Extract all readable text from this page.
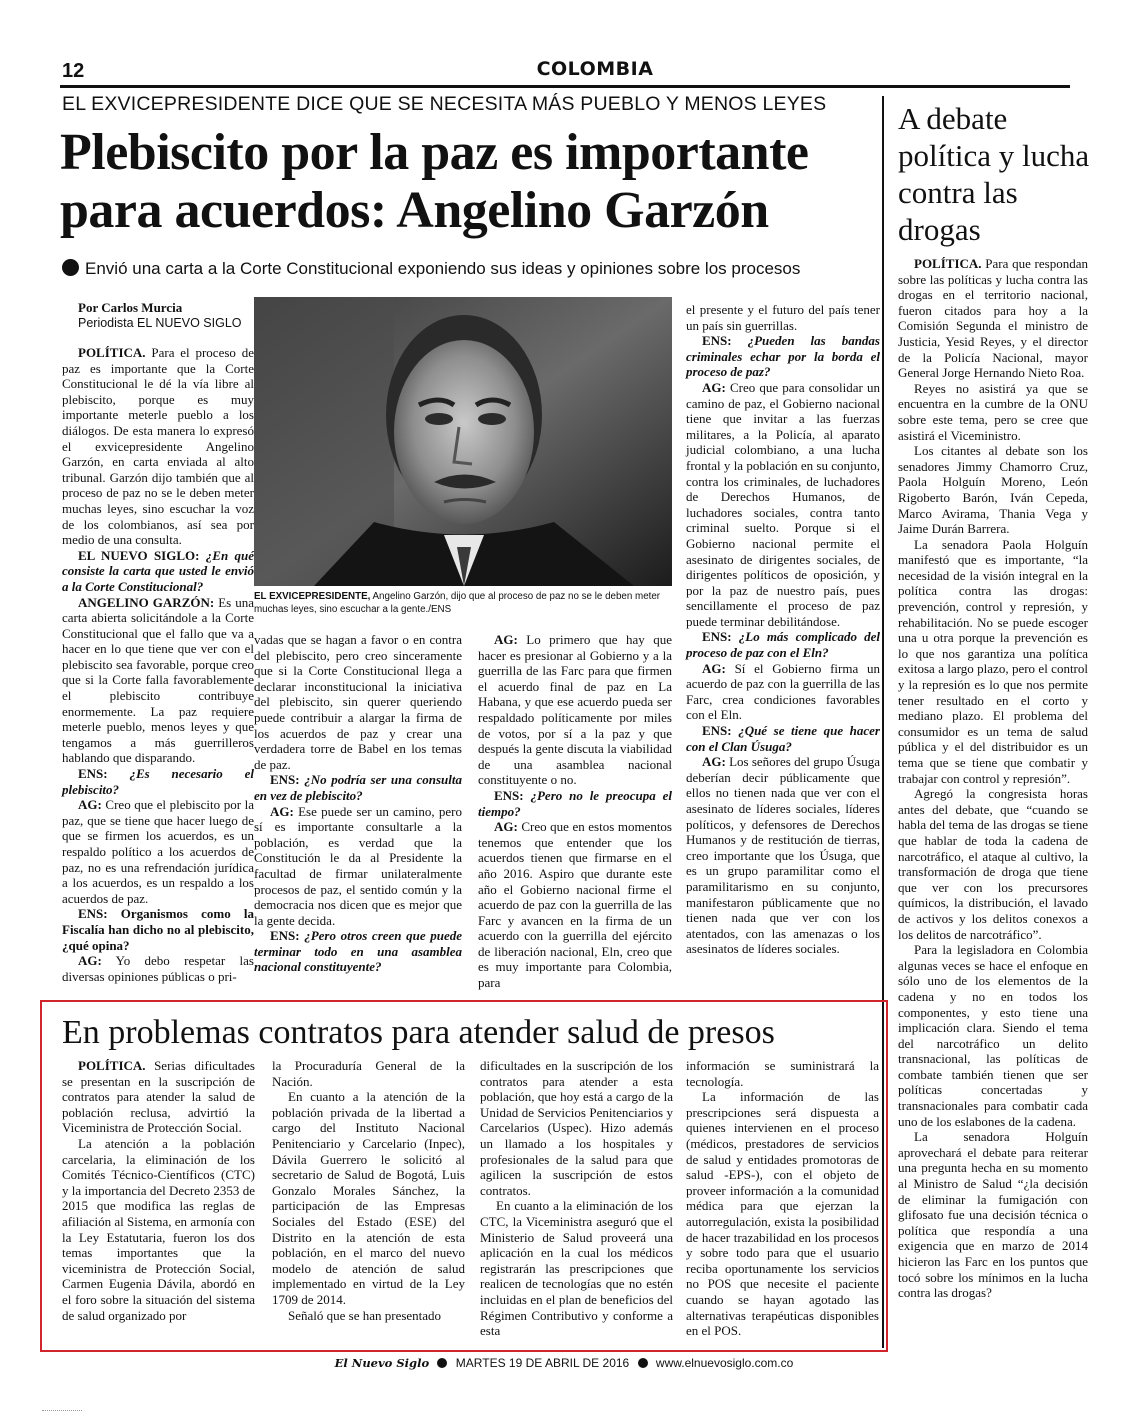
12	COLOMBIA
EL EXVICEPRESIDENTE DICE QUE SE NECESITA MÁS PUEBLO Y MENOS LEYES
Plebiscito por la paz es importante para acuerdos: Angelino Garzón
Envió una carta a la Corte Constitucional exponiendo sus ideas y opiniones sobre los procesos
Por Carlos Murcia
Periodista EL NUEVO SIGLO

POLÍTICA. Para el proceso de paz es importante que la Corte Constitucional le dé la vía libre al plebiscito, porque es muy importante meterle pueblo a los diálogos. De esta manera lo expresó el exvicepresidente Angelino Garzón, en carta enviada al alto tribunal. Garzón dijo también que al proceso de paz no se le deben meter muchas leyes, sino escuchar la voz de los colombianos, así sea por medio de una consulta.

EL NUEVO SIGLO: ¿En qué consiste la carta que usted le envió a la Corte Constitucional?

ANGELINO GARZÓN: Es una carta abierta solicitándole a la Corte Constitucional que el fallo que va a hacer en lo que tiene que ver con el plebiscito sea favorable, porque creo que si la Corte falla favorablemente el plebiscito contribuye enormemente. La paz requiere meterle pueblo, menos leyes y que tengamos a más guerrilleros hablando que disparando.

ENS: ¿Es necesario el plebiscito?

AG: Creo que el plebiscito por la paz, que se tiene que hacer luego de que se firmen los acuerdos, es un respaldo político a los acuerdos de paz, no es una refrendación jurídica a los acuerdos, es un respaldo a los acuerdos de paz.

ENS: Organismos como la Fiscalía han dicho no al plebiscito, ¿qué opina?

AG: Yo debo respetar las diversas opiniones públicas o pri-

vadas que se hagan a favor o en contra del plebiscito, pero creo sinceramente que si la Corte Constitucional llega a declarar inconstitucional la iniciativa del plebiscito, sin querer queriendo puede contribuir a alargar la firma de los acuerdos de paz y crear una verdadera torre de Babel en los temas de paz.

ENS: ¿No podría ser una consulta en vez de plebiscito?

AG: Ese puede ser un camino, pero sí es importante consultarle a la población, es verdad que la Constitución le da al Presidente la facultad de firmar unilateralmente procesos de paz, el sentido común y la democracia nos dicen que es mejor que la gente decida.

ENS: ¿Pero otros creen que puede terminar todo en una asamblea nacional constituyente?

AG: Lo primero que hay que hacer es presionar al Gobierno y a la guerrilla de las Farc para que firmen el acuerdo final de paz en La Habana, y que ese acuerdo pueda ser respaldado políticamente por miles de votos, por sí a la paz y que después la gente discuta la viabilidad de una asamblea nacional constituyente o no.

ENS: ¿Pero no le preocupa el tiempo?

AG: Creo que en estos momentos tenemos que entender que los acuerdos tienen que firmarse en el año 2016. Aspiro que durante este año el Gobierno nacional firme el acuerdo de paz con la guerrilla de las Farc y avancen en la firma de un acuerdo con la guerrilla del ejército de liberación nacional, Eln, creo que es muy importante para Colombia, para

el presente y el futuro del país tener un país sin guerrillas.

ENS: ¿Pueden las bandas criminales echar por la borda el proceso de paz?

AG: Creo que para consolidar un camino de paz, el Gobierno nacional tiene que invitar a las fuerzas militares, a la Policía, al aparato judicial colombiano, a una lucha frontal y la población en su conjunto, contra los criminales, de luchadores de Derechos Humanos, de luchadores sociales, contra tanto criminal suelto. Porque si el Gobierno nacional permite el asesinato de dirigentes sociales, de dirigentes políticos de oposición, y por la paz de nuestro país, pues sencillamente el proceso de paz puede terminar debilitándose.

ENS: ¿Lo más complicado del proceso de paz con el Eln?

AG: Sí el Gobierno firma un acuerdo de paz con la guerrilla de las Farc, crea condiciones favorables con el Eln.

ENS: ¿Qué se tiene que hacer con el Clan Úsuga?

AG: Los señores del grupo Úsuga deberían decir públicamente que ellos no tienen nada que ver con el asesinato de líderes sociales, líderes políticos, y defensores de Derechos Humanos y de restitución de tierras, creo importante que los Úsuga, que es un grupo paramilitar como el paramilitarismo en su conjunto, manifestaron públicamente que no tienen nada que ver con los atentados, con las amenazas o los asesinatos de líderes sociales.

EL EXVICEPRESIDENTE, Angelino Garzón, dijo que al proceso de paz no se le deben meter muchas leyes, sino escuchar a la gente./ENS
A debate política y lucha contra las drogas

POLÍTICA. Para que respondan sobre las políticas y lucha contra las drogas en el territorio nacional, fueron citados para hoy a la Comisión Segunda el ministro de Justicia, Yesid Reyes, y el director de la Policía Nacional, mayor General Jorge Hernando Nieto Roa.

Reyes no asistirá ya que se encuentra en la cumbre de la ONU sobre este tema, pero se cree que asistirá el Viceministro.

Los citantes al debate son los senadores Jimmy Chamorro Cruz, Paola Holguín Moreno, León Rigoberto Barón, Iván Cepeda, Marco Avirama, Thania Vega y Jaime Durán Barrera.

La senadora Paola Holguín manifestó que es importante, “la necesidad de la visión integral en la política contra las drogas: prevención, control y represión, y rehabilitación. No se puede escoger una u otra porque la prevención es lo que nos garantiza una política exitosa a largo plazo, pero el control y la represión es lo que nos permite tener resultado en el corto y mediano plazo. El problema del consumidor es un tema de salud pública y el del distribuidor es un tema que se tiene que combatir y trabajar con control y represión”.

Agregó la congresista horas antes del debate, que “cuando se habla del tema de las drogas se tiene que hablar de toda la cadena de narcotráfico, el ataque al cultivo, la transformación de droga que tiene que ver con los precursores químicos, la distribución, el lavado de activos y los delitos conexos a los delitos de narcotráfico”.

Para la legisladora en Colombia algunas veces se hace el enfoque en sólo uno de los elementos de la cadena y no en todos los componentes, y esto tiene una implicación clara. Siendo el tema del narcotráfico un delito transnacional, las políticas de combate también tienen que ser políticas concertadas y transnacionales para combatir cada uno de los eslabones de la cadena.

La senadora Holguín aprovechará el debate para reiterar una pregunta hecha en su momento al Ministro de Salud “¿la decisión de eliminar la fumigación con glifosato fue una decisión técnica o política que respondía a una exigencia que en marzo de 2014 hicieron las Farc en los puntos que tocó sobre los mínimos en la lucha contra las drogas?

En problemas contratos para atender salud de presos

POLÍTICA. Serias dificultades se presentan en la suscripción de contratos para atender la salud de población reclusa, advirtió la Viceministra de Protección Social.

La atención a la población carcelaria, la eliminación de los Comités Técnico-Científicos (CTC) y la importancia del Decreto 2353 de 2015 que modifica las reglas de afiliación al Sistema, en armonía con la Ley Estatutaria, fueron los dos temas importantes que la viceministra de Protección Social, Carmen Eugenia Dávila, abordó en el foro sobre la situación del sistema de salud organizado por

la Procuraduría General de la Nación.

En cuanto a la atención de la población privada de la libertad a cargo del Instituto Nacional Penitenciario y Carcelario (Inpec), Dávila Guerrero le solicitó al secretario de Salud de Bogotá, Luis Gonzalo Morales Sánchez, la participación de las Empresas Sociales del Estado (ESE) del Distrito en la atención de esta población, en el marco del nuevo modelo de atención de salud implementado en virtud de la Ley 1709 de 2014.

Señaló que se han presentado

dificultades en la suscripción de los contratos para atender a esta población, que hoy está a cargo de la Unidad de Servicios Penitenciarios y Carcelarios (Uspec). Hizo además un llamado a los hospitales y profesionales de la salud para que agilicen la suscripción de estos contratos.

En cuanto a la eliminación de los CTC, la Viceministra aseguró que el Ministerio de Salud proveerá una aplicación en la cual los médicos registrarán las prescripciones que realicen de tecnologías que no estén incluidas en el plan de beneficios del Régimen Contributivo y conforme a esta

información se suministrará la tecnología.

La información de las prescripciones será dispuesta a quienes intervienen en el proceso (médicos, prestadores de servicios de salud y entidades promotoras de salud -EPS-), con el objeto de proveer información a la comunidad médica para que ejerzan la autorregulación, exista la posibilidad de hacer trazabilidad en los procesos y sobre todo para que el usuario reciba oportunamente los servicios no POS que necesite el paciente cuando se hayan agotado las alternativas terapéuticas disponibles en el POS.

El Nuevo Siglo MARTES 19 DE ABRIL DE 2016 www.elnuevosiglo.com.co
